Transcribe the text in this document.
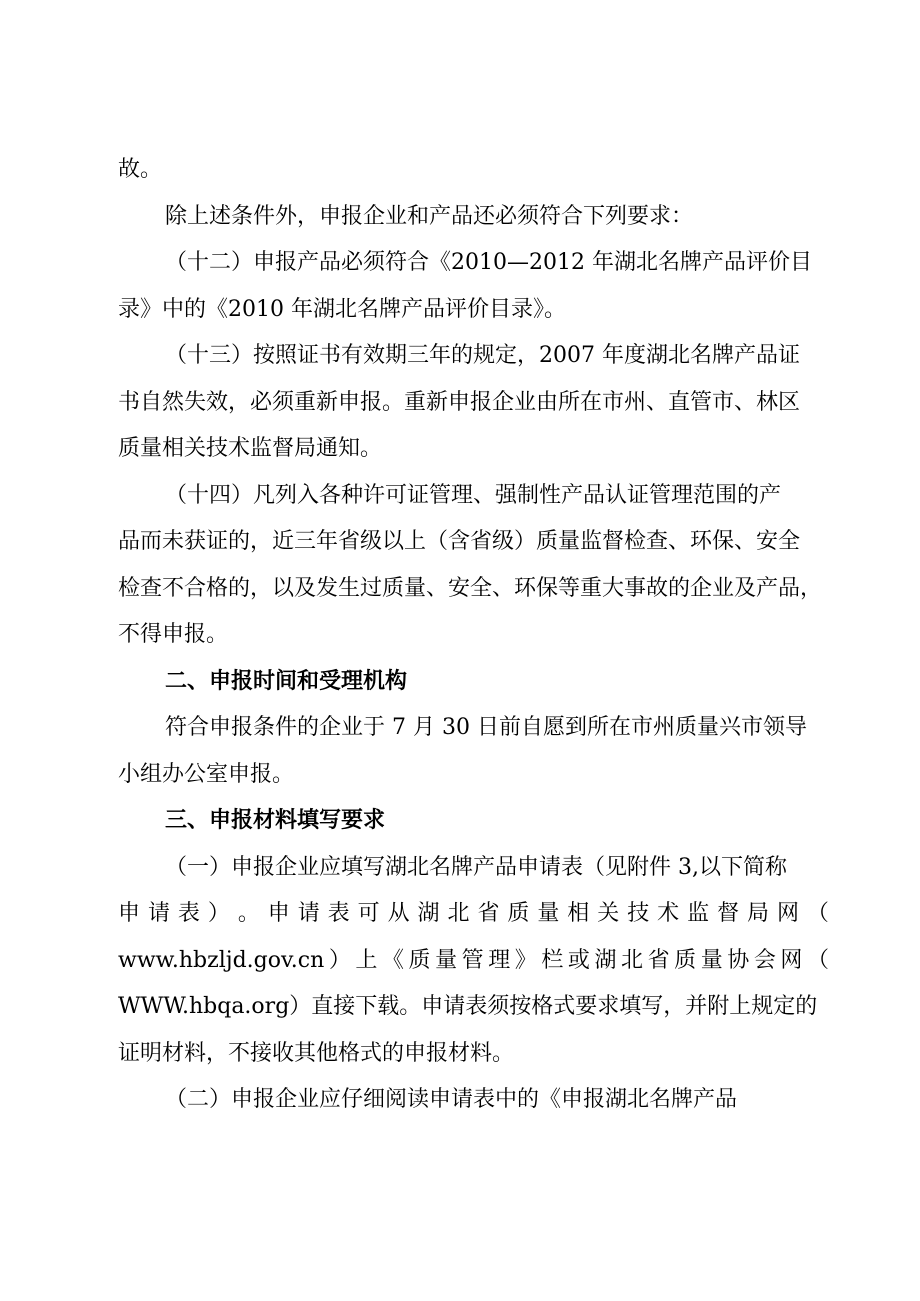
故。
除上述条件外，申报企业和产品还必须符合下列要求：
（十二）申报产品必须符合《2010—2012 年湖北名牌产品评价目
录》中的《2010 年湖北名牌产品评价目录》。
（十三）按照证书有效期三年的规定，2007 年度湖北名牌产品证
书自然失效，必须重新申报。重新申报企业由所在市州、直管市、林区
质量相关技术监督局通知。
（十四）凡列入各种许可证管理、强制性产品认证管理范围的产
品而未获证的，近三年省级以上（含省级）质量监督检查、环保、安全
检查不合格的，以及发生过质量、安全、环保等重大事故的企业及产品，
不得申报。
二、申报时间和受理机构
符合申报条件的企业于 7 月 30 日前自愿到所在市州质量兴市领导
小组办公室申报。
三、申报材料填写要求
（一）申报企业应填写湖北名牌产品申请表（见附件 3,以下简称
申 请 表 ） 。 申 请 表 可 从 湖 北 省 质 量 相 关 技 术 监 督 局 网 （
www.hbzljd.gov.cn ） 上 《 质 量 管 理 》 栏 或 湖 北 省 质 量 协 会 网 （
WWW.hbqa.org）直接下载。申请表须按格式要求填写，并附上规定的
证明材料，不接收其他格式的申报材料。
（二）申报企业应仔细阅读申请表中的《申报湖北名牌产品
